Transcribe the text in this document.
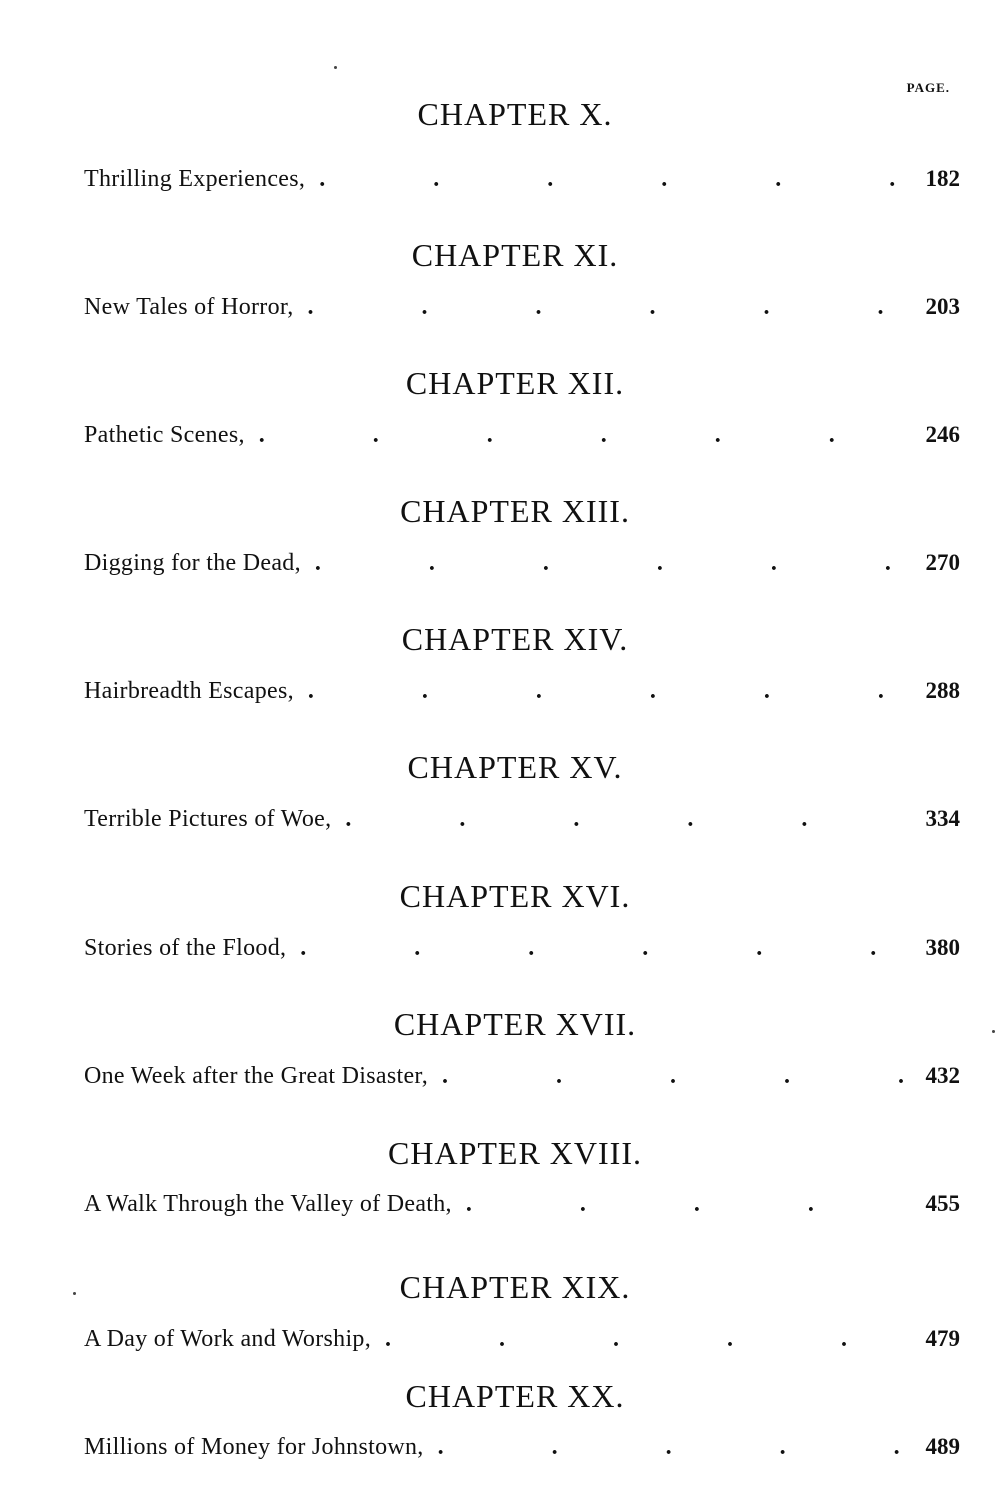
PAGE.
CHAPTER X.
Thrilling Experiences, .	182
CHAPTER XI.
New Tales of Horror, .	203
CHAPTER XII.
Pathetic Scenes, .	246
CHAPTER XIII.
Digging for the Dead, .	270
CHAPTER XIV.
Hairbreadth Escapes, .	288
CHAPTER XV.
Terrible Pictures of Woe, .	334
CHAPTER XVI.
Stories of the Flood, .	380
CHAPTER XVII.
One Week after the Great Disaster, .	432
CHAPTER XVIII.
A Walk Through the Valley of Death, .	455
CHAPTER XIX.
A Day of Work and Worship, .	479
CHAPTER XX.
Millions of Money for Johnstown, .	489
